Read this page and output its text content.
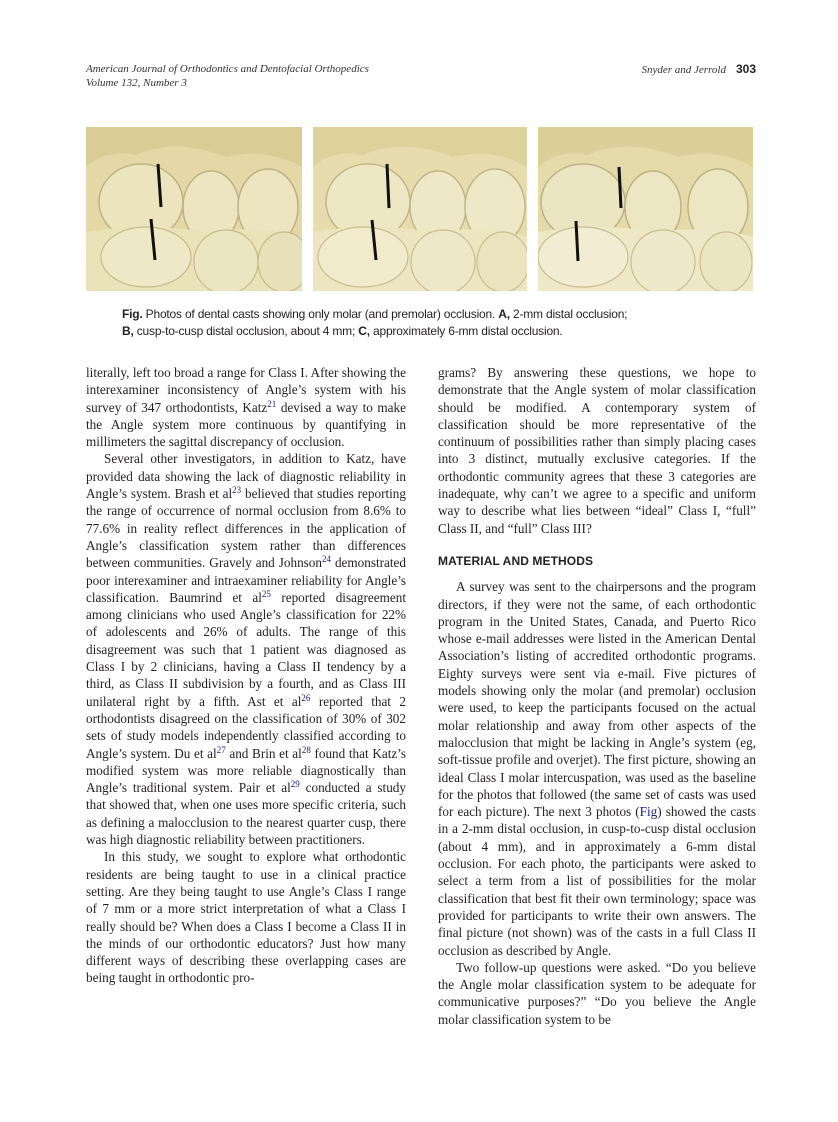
American Journal of Orthodontics and Dentofacial Orthopedics
Volume 132, Number 3
Snyder and Jerrold 303
Fig. Photos of dental casts showing only molar (and premolar) occlusion. A, 2-mm distal occlusion;
B, cusp-to-cusp distal occlusion, about 4 mm; C, approximately 6-mm distal occlusion.

literally, left too broad a range for Class I. After showing the interexaminer inconsistency of Angle’s system with his survey of 347 orthodontists, Katz$^{21}$ devised a way to make the Angle system more continuous by quantifying in millimeters the sagittal discrepancy of occlusion.

Several other investigators, in addition to Katz, have provided data showing the lack of diagnostic reliability in Angle’s system. Brash et $al^{23}$ believed that studies reporting the range of occurrence of normal occlusion from 8.6% to 77.6% in reality reflect differences in the application of Angle’s classification system rather than differences between communities. Gravely and Johnson$^{24}$ demonstrated poor interexaminer and intraexaminer reliability for Angle’s classification. Baumrind et $al^{25}$ reported disagreement among clinicians who used Angle’s classification for 22% of adolescents and 26% of adults. The range of this disagreement was such that 1 patient was diagnosed as Class I by 2 clinicians, having a Class II tendency by a third, as Class II subdivision by a fourth, and as Class III unilateral right by a fifth. Ast et $al^{26}$ reported that 2 orthodontists disagreed on the classification of 30% of 302 sets of study models independently classified according to Angle’s system. Du et $al^{27}$ and Brin et $al^{28}$ found that Katz’s modified system was more reliable diagnostically than Angle’s traditional system. Pair et $al^{29}$ conducted a study that showed that, when one uses more specific criteria, such as defining a malocclusion to the nearest quarter cusp, there was high diagnostic reliability between practitioners.

In this study, we sought to explore what orthodontic residents are being taught to use in a clinical practice setting. Are they being taught to use Angle’s Class I range of 7 mm or a more strict interpretation of what a Class I really should be? When does a Class I become a Class II in the minds of our orthodontic educators? Just how many different ways of describing these overlapping cases are being taught in orthodontic pro-

grams? By answering these questions, we hope to demonstrate that the Angle system of molar classification should be modified. A contemporary system of classification should be more representative of the continuum of possibilities rather than simply placing cases into 3 distinct, mutually exclusive categories. If the orthodontic community agrees that these 3 categories are inadequate, why can’t we agree to a specific and uniform way to describe what lies between “ideal” Class I, “full” Class II, and “full” Class III?

MATERIAL AND METHODS

A survey was sent to the chairpersons and the program directors, if they were not the same, of each orthodontic program in the United States, Canada, and Puerto Rico whose e-mail addresses were listed in the American Dental Association’s listing of accredited orthodontic programs. Eighty surveys were sent via e-mail. Five pictures of models showing only the molar (and premolar) occlusion were used, to keep the participants focused on the actual molar relationship and away from other aspects of the malocclusion that might be lacking in Angle’s system (eg, soft-tissue profile and overjet). The first picture, showing an ideal Class I molar intercuspation, was used as the baseline for the photos that followed (the same set of casts was used for each picture). The next 3 photos (Fig) showed the casts in a 2-mm distal occlusion, in cusp-to-cusp distal occlusion (about 4 mm), and in approximately a 6-mm distal occlusion. For each photo, the participants were asked to select a term from a list of possibilities for the molar classification that best fit their own terminology; space was provided for participants to write their own answers. The final picture (not shown) was of the casts in a full Class II occlusion as described by Angle.

Two follow-up questions were asked. “Do you believe the Angle molar classification system to be adequate for communicative purposes?” “Do you believe the Angle molar classification system to be
